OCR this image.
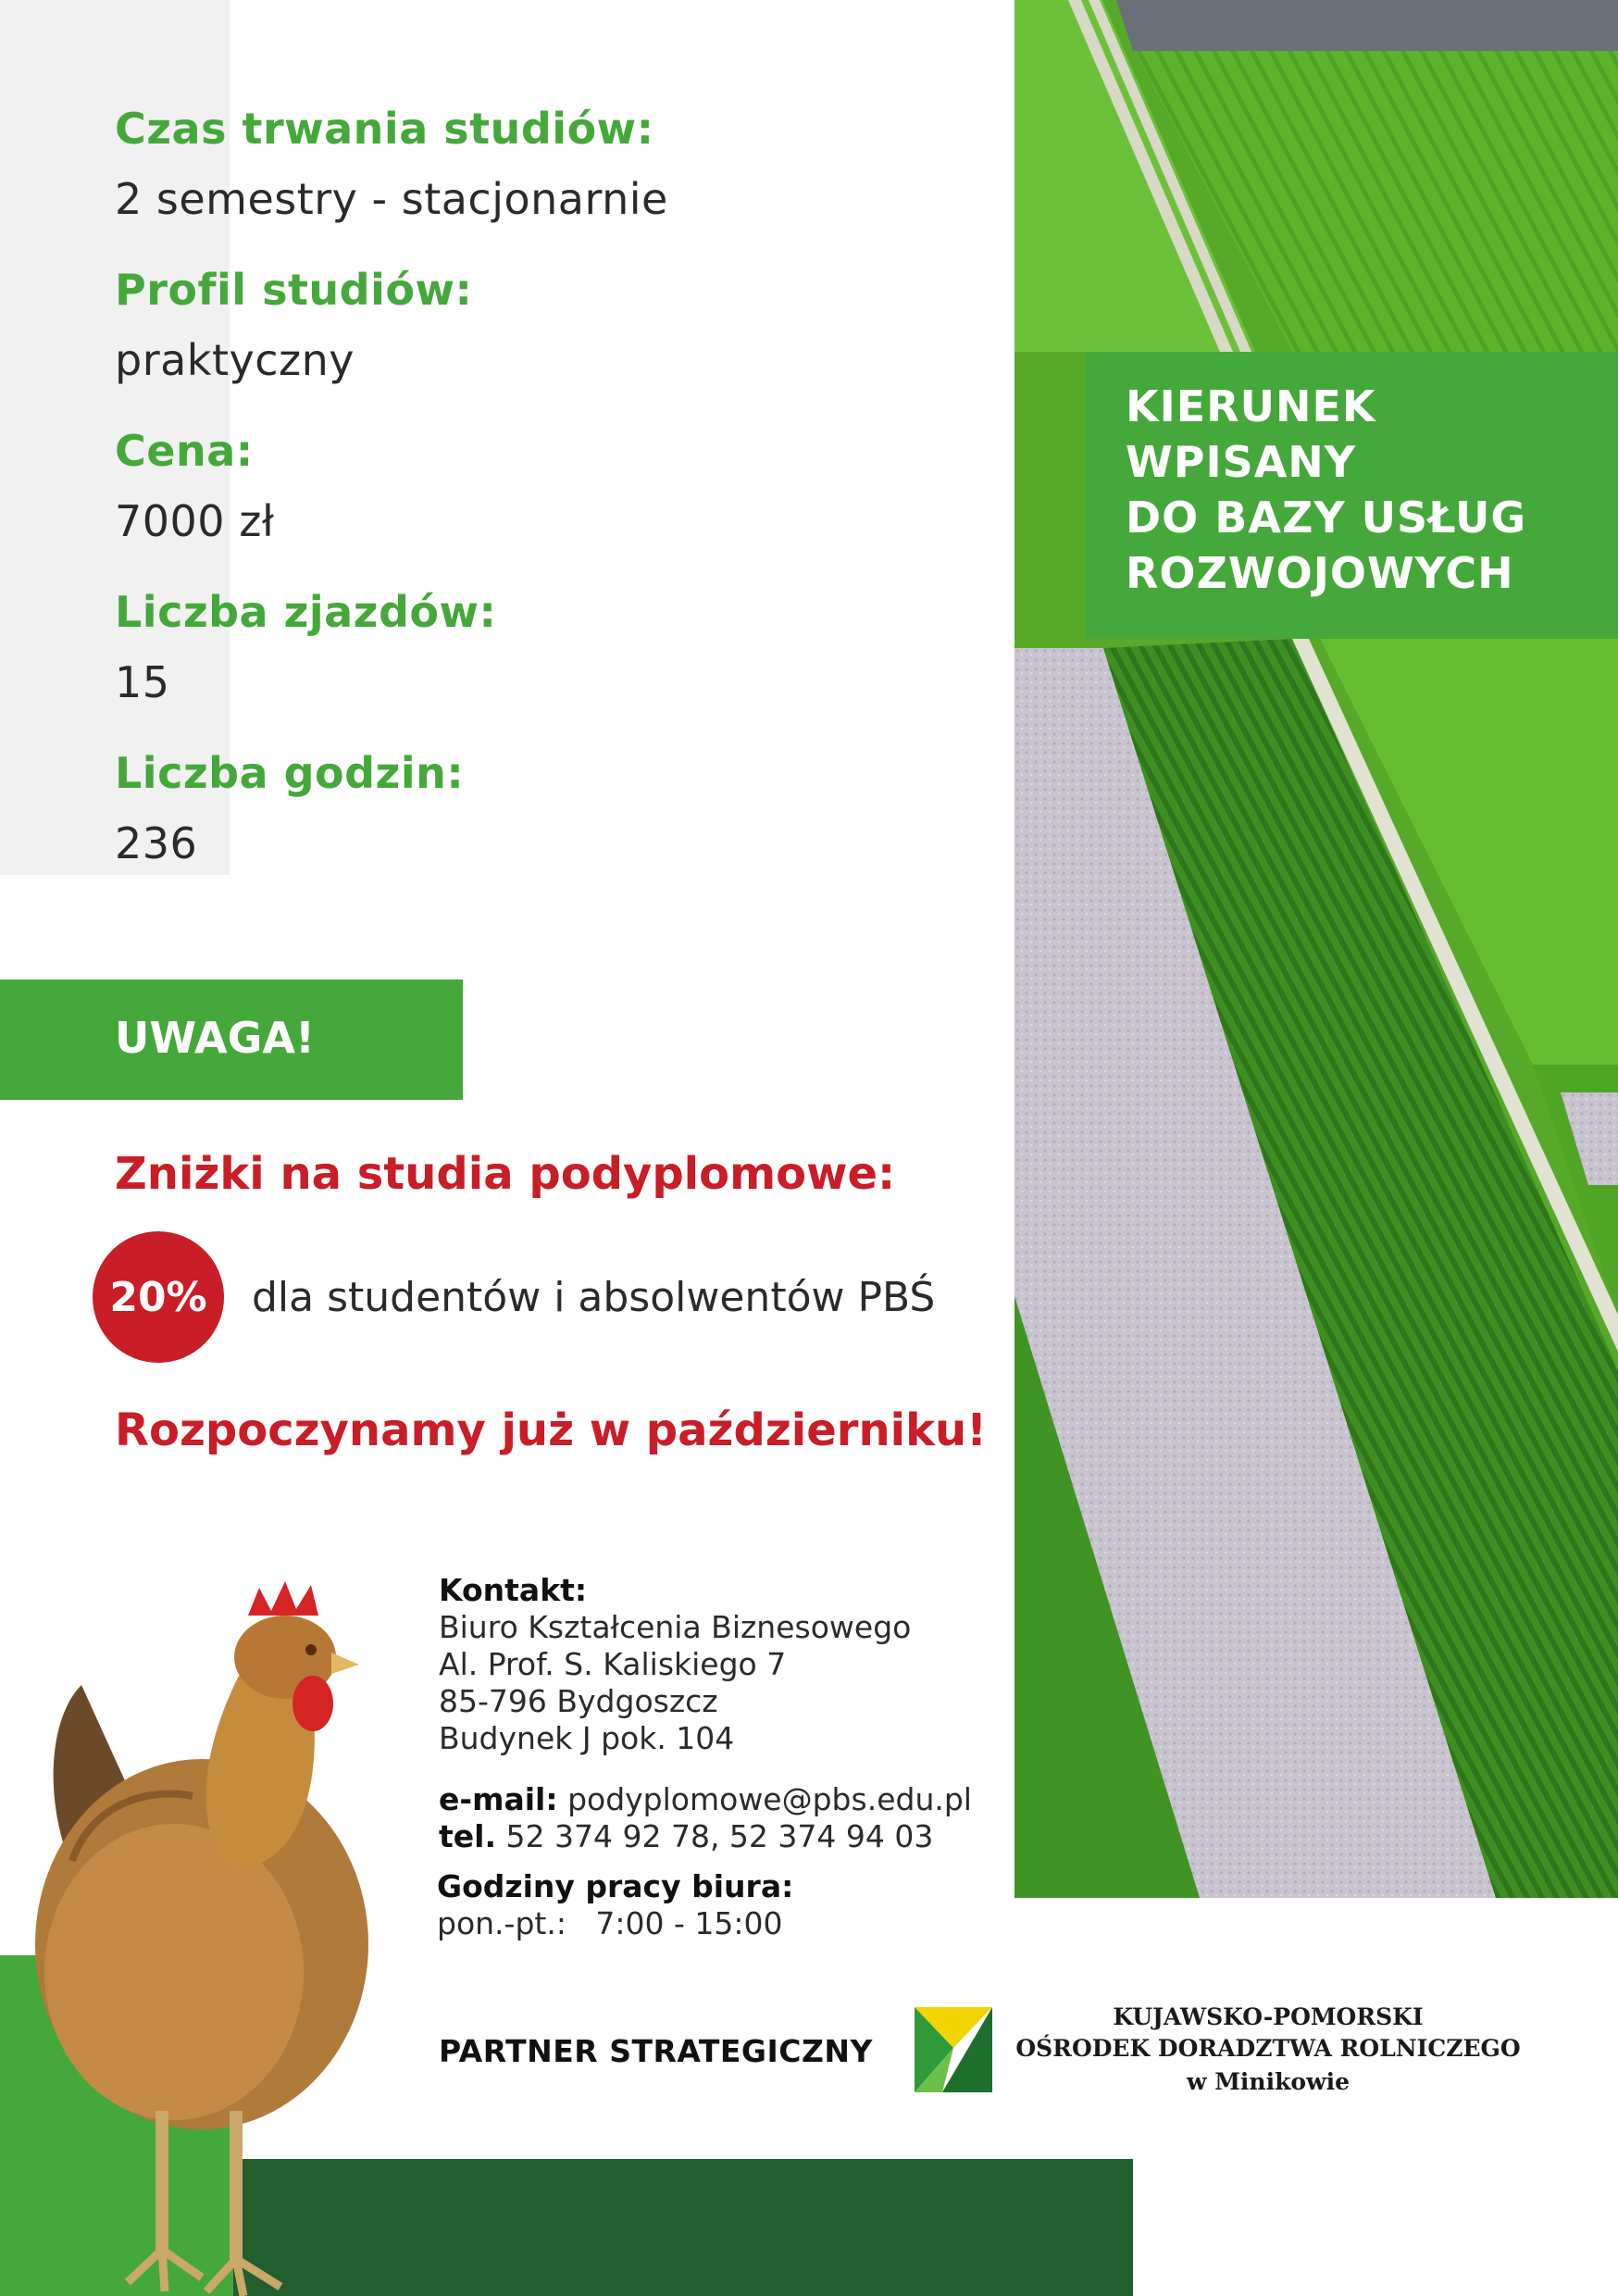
Czas trwania studiów:
2 semestry - stacjonarnie
Profil studiów:
praktyczny
Cena:
7000 zł
Liczba zjazdów:
15
Liczba godzin:
236
KIERUNEK
WPISANY
DO BAZY USŁUG
ROZWOJOWYCH
UWAGA!
Zniżki na studia podyplomowe:
20% dla studentów i absolwentów PBŚ
Rozpoczynamy już w październiku!
Kontakt:
Biuro Kształcenia Biznesowego
Al. Prof. S. Kaliskiego 7
85-796 Bydgoszcz
Budynek J pok. 104
e-mail: podyplomowe@pbs.edu.pl
tel. 52 374 92 78, 52 374 94 03
Godziny pracy biura:
pon.-pt.:   7:00 - 15:00
PARTNER STRATEGICZNY
KUJAWSKO-POMORSKI
OŚRODEK DORADZTWA ROLNICZEGO
w Minikowie
